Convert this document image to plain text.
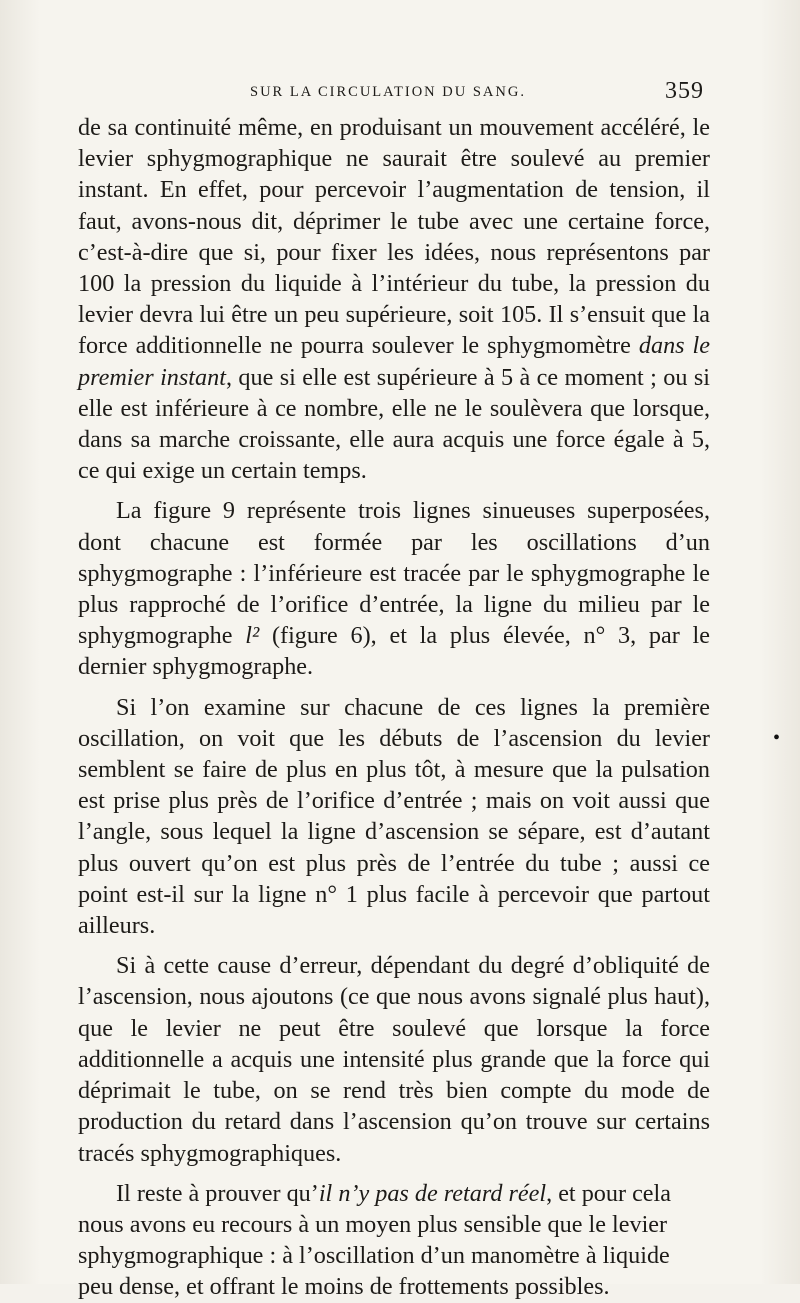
SUR LA CIRCULATION DU SANG.	359

de sa continuité même, en produisant un mouvement accéléré, le levier sphygmographique ne saurait être soulevé au premier instant. En effet, pour percevoir l’augmentation de tension, il faut, avons-nous dit, déprimer le tube avec une certaine force, c’est-à-dire que si, pour fixer les idées, nous représentons par 100 la pression du liquide à l’intérieur du tube, la pression du levier devra lui être un peu supérieure, soit 105. Il s’ensuit que la force additionnelle ne pourra soulever le sphygmomètre dans le premier instant, que si elle est supérieure à 5 à ce moment ; ou si elle est inférieure à ce nombre, elle ne le soulèvera que lorsque, dans sa marche croissante, elle aura acquis une force égale à 5, ce qui exige un certain temps.

La figure 9 représente trois lignes sinueuses superposées, dont chacune est formée par les oscillations d’un sphygmographe : l’inférieure est tracée par le sphygmographe le plus rapproché de l’orifice d’entrée, la ligne du milieu par le sphygmographe l² (figure 6), et la plus élevée, n° 3, par le dernier sphygmographe.

Si l’on examine sur chacune de ces lignes la première oscillation, on voit que les débuts de l’ascension du levier semblent se faire de plus en plus tôt, à mesure que la pulsation est prise plus près de l’orifice d’entrée ; mais on voit aussi que l’angle, sous lequel la ligne d’ascension se sépare, est d’autant plus ouvert qu’on est plus près de l’entrée du tube ; aussi ce point est-il sur la ligne n° 1 plus facile à percevoir que partout ailleurs.

Si à cette cause d’erreur, dépendant du degré d’obliquité de l’ascension, nous ajoutons (ce que nous avons signalé plus haut), que le levier ne peut être soulevé que lorsque la force additionnelle a acquis une intensité plus grande que la force qui déprimait le tube, on se rend très bien compte du mode de production du retard dans l’ascension qu’on trouve sur certains tracés sphygmographiques.

Il reste à prouver qu’il n’y pas de retard réel, et pour cela nous avons eu recours à un moyen plus sensible que le levier sphygmographique : à l’oscillation d’un manomètre à liquide peu dense, et offrant le moins de frottements possibles.

•
